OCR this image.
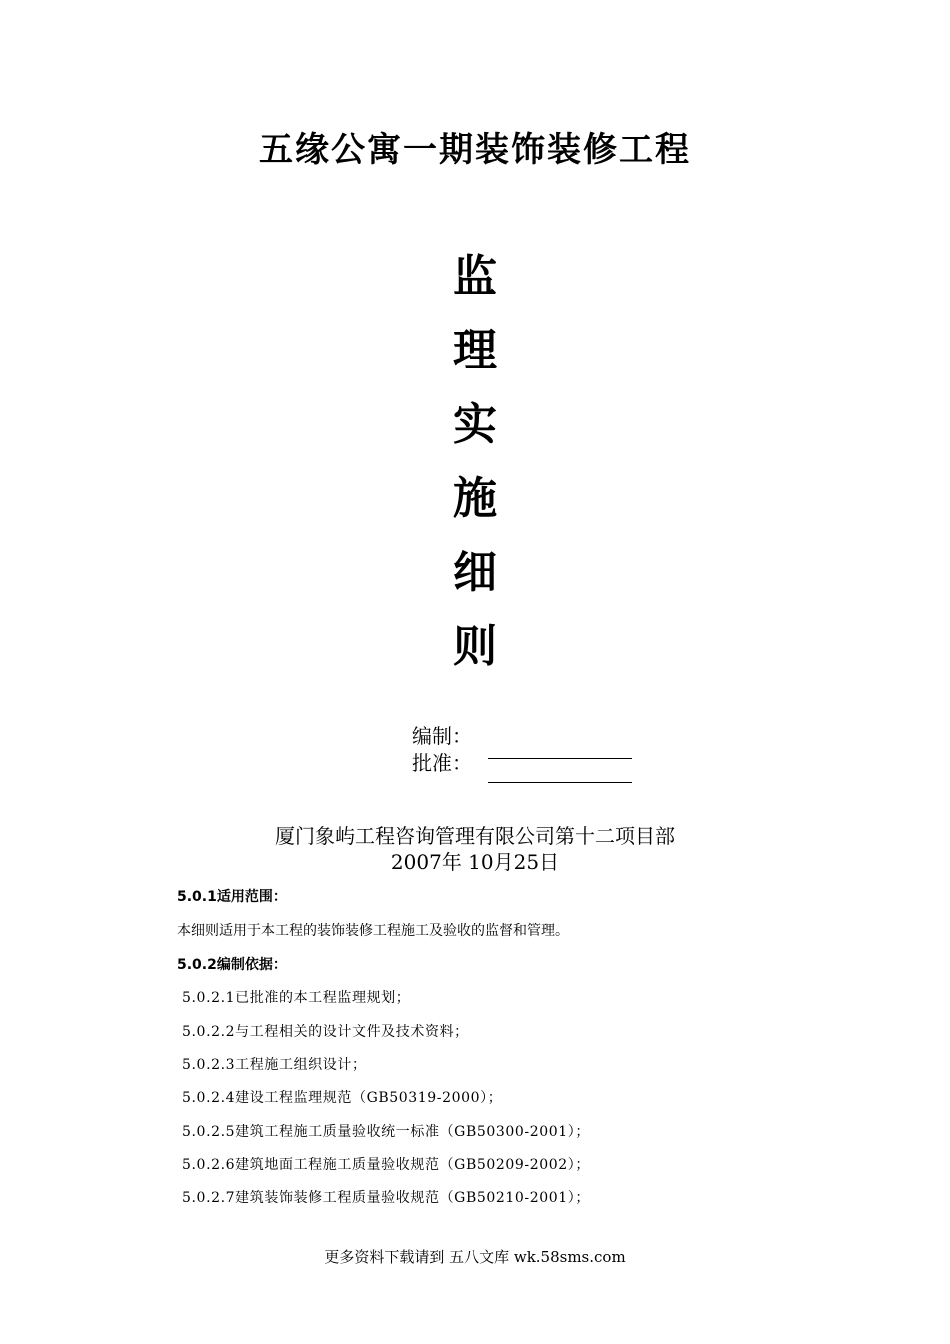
五缘公寓一期装饰装修工程
监
理
实
施
细
则
编制：
批准：
厦门象屿工程咨询管理有限公司第十二项目部
2007年 10月25日
5.0.1适用范围：
本细则适用于本工程的装饰装修工程施工及验收的监督和管理。
5.0.2编制依据：
5.0.2.1已批准的本工程监理规划；
5.0.2.2与工程相关的设计文件及技术资料；
5.0.2.3工程施工组织设计；
5.0.2.4建设工程监理规范（GB50319-2000）；
5.0.2.5建筑工程施工质量验收统一标准（GB50300-2001）；
5.0.2.6建筑地面工程施工质量验收规范（GB50209-2002）；
5.0.2.7建筑装饰装修工程质量验收规范（GB50210-2001）；
更多资料下载请到 五八文库 wk.58sms.com
